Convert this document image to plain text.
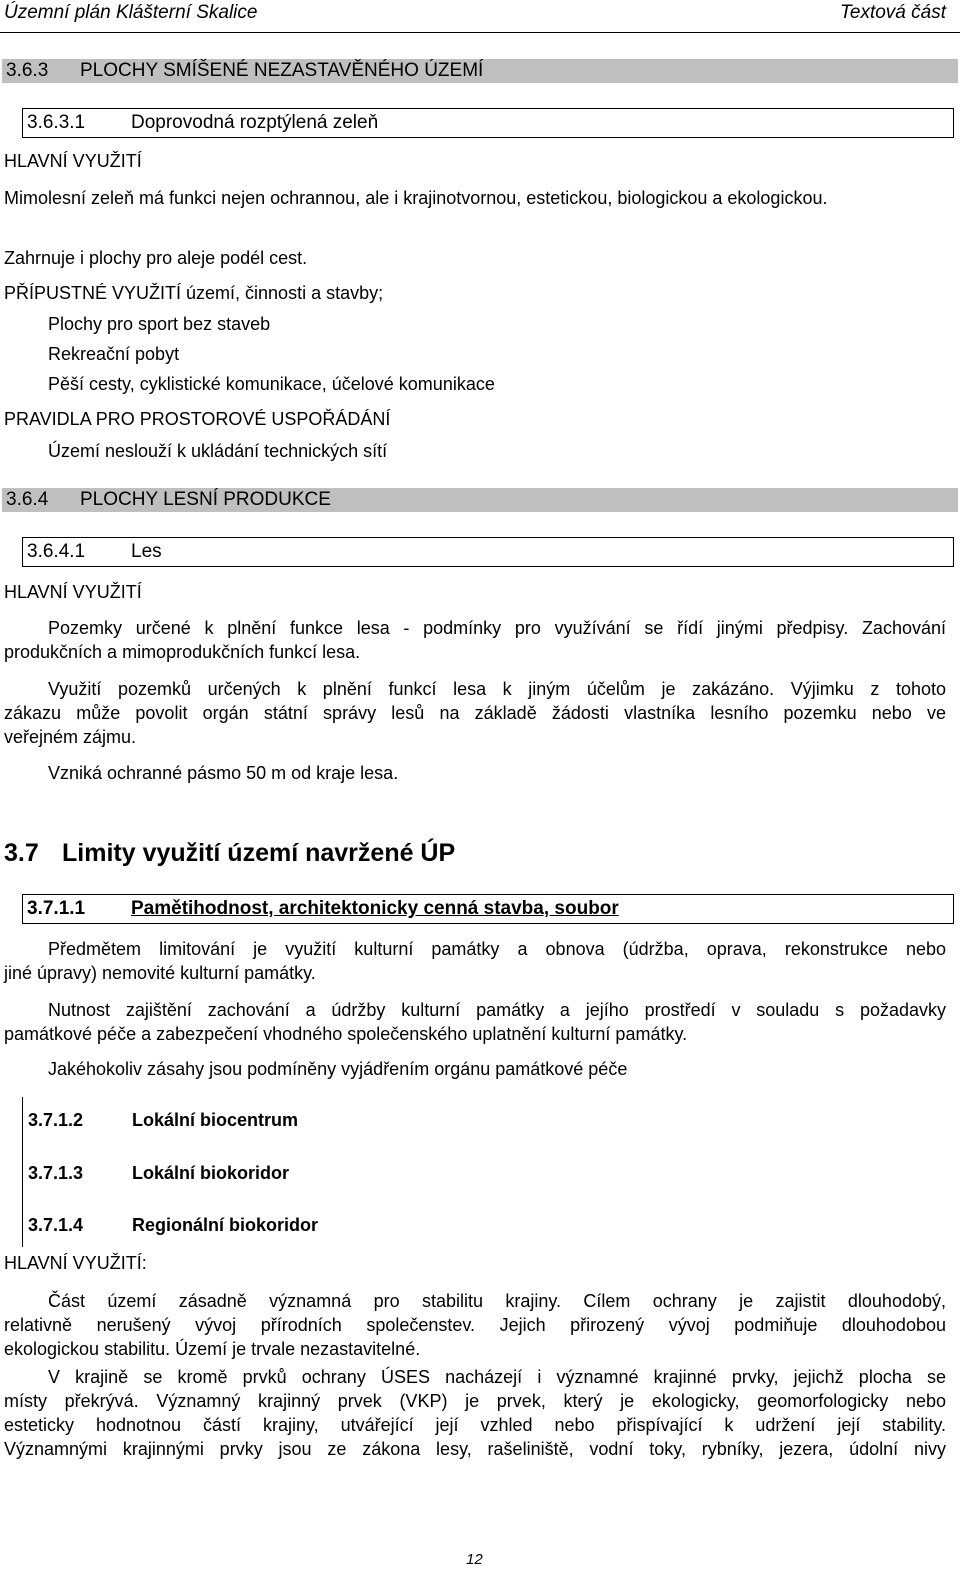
Územní plán Klášterní Skalice	Textová část
3.6.3 PLOCHY SMÍŠENÉ NEZASTAVĚNÉHO ÚZEMÍ
3.6.3.1 Doprovodná rozptýlená zeleň
HLAVNÍ VYUŽITÍ
Mimolesní zeleň má funkci nejen ochrannou, ale i krajinotvornou, estetickou, biologickou a ekologickou.
Zahrnuje i plochy pro aleje podél cest.
PŘÍPUSTNÉ VYUŽITÍ území, činnosti a stavby;
Plochy pro sport bez staveb
Rekreační pobyt
Pěší cesty, cyklistické komunikace, účelové komunikace
PRAVIDLA PRO PROSTOROVÉ USPOŘÁDÁNÍ
Území neslouží k ukládání technických sítí
3.6.4 PLOCHY LESNÍ PRODUKCE
3.6.4.1 Les
HLAVNÍ VYUŽITÍ
Pozemky určené k plnění funkce lesa - podmínky pro využívání se řídí jinými předpisy. Zachování
produkčních a mimoprodukčních funkcí lesa.
Využití pozemků určených k plnění funkcí lesa k jiným účelům je zakázáno. Výjimku z tohoto
zákazu může povolit orgán státní správy lesů na základě žádosti vlastníka lesního pozemku nebo ve
veřejném zájmu.
Vzniká ochranné pásmo 50 m od kraje lesa.
3.7 Limity využití území navržené ÚP
3.7.1.1 Pamětihodnost, architektonicky cenná stavba, soubor
Předmětem limitování je využití kulturní památky a obnova (údržba, oprava, rekonstrukce nebo
jiné úpravy) nemovité kulturní památky.
Nutnost zajištění zachování a údržby kulturní památky a jejího prostředí v souladu s požadavky
památkové péče a zabezpečení vhodného společenského uplatnění kulturní památky.
Jakéhokoliv zásahy jsou podmíněny vyjádřením orgánu památkové péče
3.7.1.2	Lokální biocentrum
3.7.1.3	Lokální biokoridor
3.7.1.4	Regionální biokoridor
HLAVNÍ VYUŽITÍ:
Část území zásadně významná pro stabilitu krajiny. Cílem ochrany je zajistit dlouhodobý,
relativně nerušený vývoj přírodních společenstev. Jejich přirozený vývoj podmiňuje dlouhodobou
ekologickou stabilitu. Území je trvale nezastavitelné.
V krajině se kromě prvků ochrany ÚSES nacházejí i významné krajinné prvky, jejichž plocha se
místy překrývá. Významný krajinný prvek (VKP) je prvek, který je ekologicky, geomorfologicky nebo
esteticky hodnotnou částí krajiny, utvářející její vzhled nebo přispívající k udržení její stability.
Významnými krajinnými prvky jsou ze zákona lesy, rašeliniště, vodní toky, rybníky, jezera, údolní nivy
12
